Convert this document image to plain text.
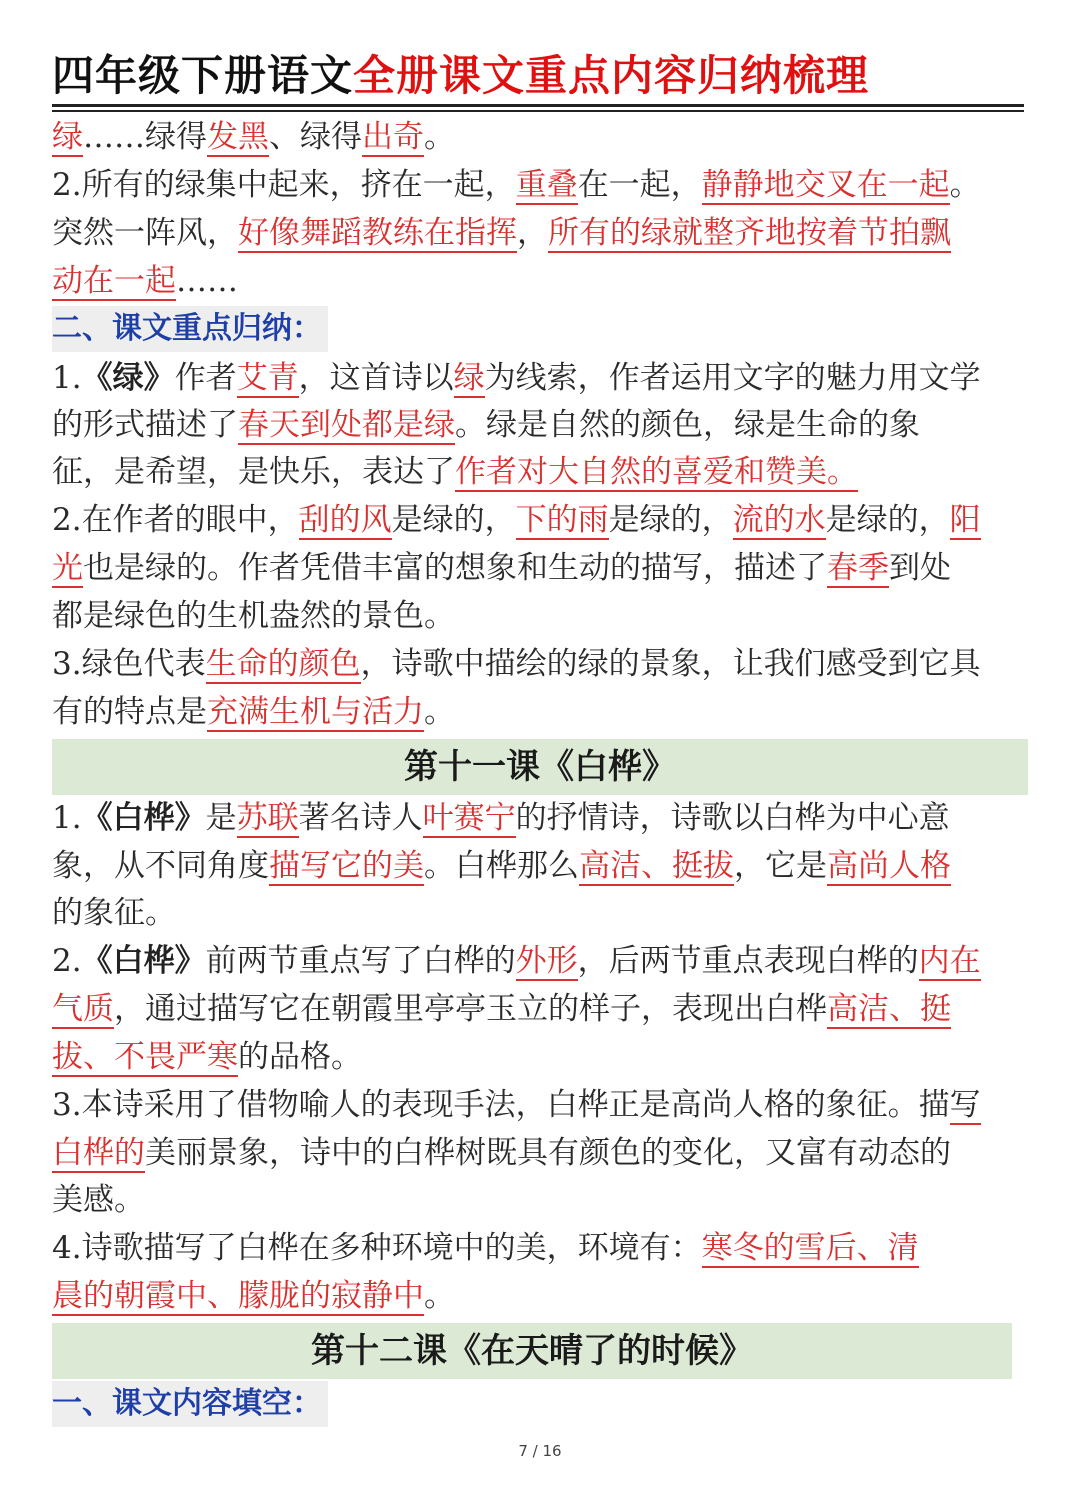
四年级下册语文全册课文重点内容归纳梳理
绿……绿得发黑、绿得出奇。
2.所有的绿集中起来，挤在一起，重叠在一起，静静地交叉在一起。
突然一阵风，好像舞蹈教练在指挥，所有的绿就整齐地按着节拍飘
动在一起……
二、课文重点归纳：
1.《绿》作者艾青，这首诗以绿为线索，作者运用文字的魅力用文学
的形式描述了春天到处都是绿。绿是自然的颜色，绿是生命的象
征，是希望，是快乐，表达了作者对大自然的喜爱和赞美。
2.在作者的眼中，刮的风是绿的，下的雨是绿的，流的水是绿的，阳
光也是绿的。作者凭借丰富的想象和生动的描写，描述了春季到处
都是绿色的生机盎然的景色。
3.绿色代表生命的颜色，诗歌中描绘的绿的景象，让我们感受到它具
有的特点是充满生机与活力。
第十一课《白桦》
1.《白桦》是苏联著名诗人叶赛宁的抒情诗，诗歌以白桦为中心意
象，从不同角度描写它的美。白桦那么高洁、挺拔，它是高尚人格
的象征。
2.《白桦》前两节重点写了白桦的外形，后两节重点表现白桦的内在
气质，通过描写它在朝霞里亭亭玉立的样子，表现出白桦高洁、挺
拔、不畏严寒的品格。
3.本诗采用了借物喻人的表现手法，白桦正是高尚人格的象征。描写
白桦的美丽景象，诗中的白桦树既具有颜色的变化，又富有动态的
美感。
4.诗歌描写了白桦在多种环境中的美，环境有：寒冬的雪后、清
晨的朝霞中、朦胧的寂静中。
第十二课《在天晴了的时候》
一、课文内容填空：
7 / 16
